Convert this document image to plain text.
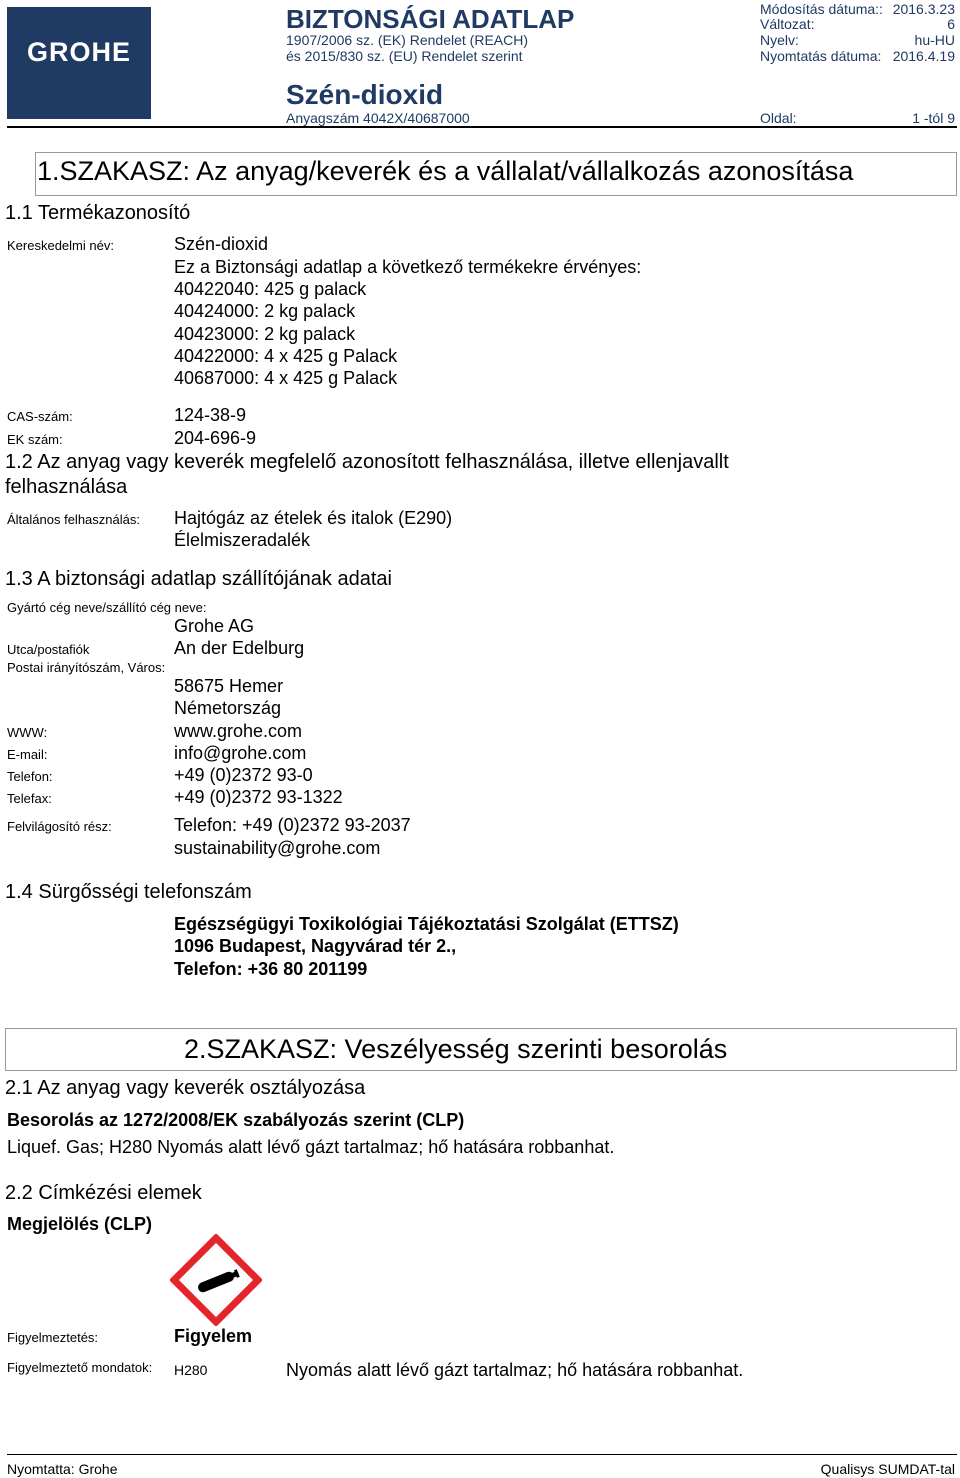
GROHE
BIZTONSÁGI ADATLAP
1907/2006 sz. (EK) Rendelet (REACH)
és 2015/830 sz. (EU) Rendelet szerint
Szén-dioxid
Anyagszám 4042X/40687000
Módosítás dátuma:: 2016.3.23
Változat:	6
Nyelv:	hu-HU
Nyomtatás dátuma: 2016.4.19
Oldal:	1 -tól 9
1.SZAKASZ: Az anyag/keverék és a vállalat/vállalkozás azonosítása
1.1 Termékazonosító
Kereskedelmi név:	Szén-dioxid
Ez a Biztonsági adatlap a következő termékekre érvényes:
40422040: 425 g palack
40424000: 2 kg palack
40423000: 2 kg palack
40422000: 4 x 425 g Palack
40687000: 4 x 425 g Palack
CAS-szám:	124-38-9
EK szám:	204-696-9
1.2 Az anyag vagy keverék megfelelő azonosított felhasználása, illetve ellenjavallt
felhasználása
Általános felhasználás: Hajtógáz az ételek és italok (E290)
Élelmiszeradalék
1.3 A biztonsági adatlap szállítójának adatai
Gyártó cég neve/szállító cég neve:
Grohe AG
Utca/postafiók	An der Edelburg
Postai irányítószám, Város:
58675 Hemer
Németország
WWW:	www.grohe.com
E-mail:	info@grohe.com
Telefon:	+49 (0)2372 93-0
Telefax:	+49 (0)2372 93-1322
Felvilágosító rész:	Telefon: +49 (0)2372 93-2037
sustainability@grohe.com
1.4 Sürgősségi telefonszám
Egészségügyi Toxikológiai Tájékoztatási Szolgálat (ETTSZ)
1096 Budapest, Nagyvárad tér 2.,
Telefon: +36 80 201199
2.SZAKASZ: Veszélyesség szerinti besorolás
2.1 Az anyag vagy keverék osztályozása
Besorolás az 1272/2008/EK szabályozás szerint (CLP)
Liquef. Gas; H280 Nyomás alatt lévő gázt tartalmaz; hő hatására robbanhat.
2.2 Címkézési elemek
Megjelölés (CLP)
Figyelmeztetés:	Figyelem
Figyelmeztető mondatok: H280	Nyomás alatt lévő gázt tartalmaz; hő hatására robbanhat.
Nyomtatta: Grohe	Qualisys SUMDAT-tal
